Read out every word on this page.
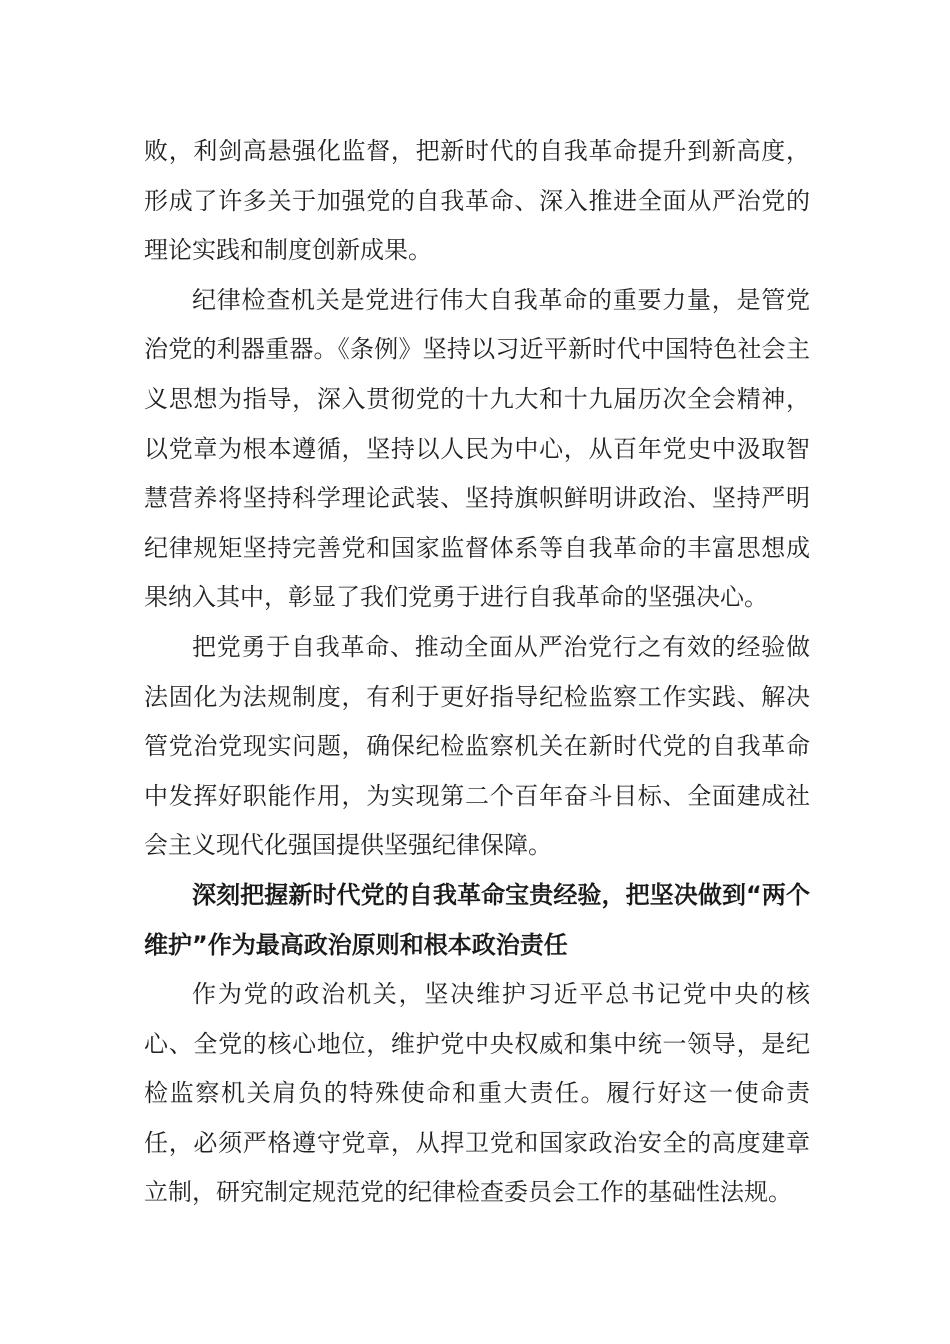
败，利剑高悬强化监督，把新时代的自我革命提升到新高度，形成了许多关于加强党的自我革命、深入推进全面从严治党的理论实践和制度创新成果。

纪律检查机关是党进行伟大自我革命的重要力量，是管党治党的利器重器。《条例》坚持以习近平新时代中国特色社会主义思想为指导，深入贯彻党的十九大和十九届历次全会精神，以党章为根本遵循，坚持以人民为中心，从百年党史中汲取智慧营养将坚持科学理论武装、坚持旗帜鲜明讲政治、坚持严明纪律规矩坚持完善党和国家监督体系等自我革命的丰富思想成果纳入其中，彰显了我们党勇于进行自我革命的坚强决心。

把党勇于自我革命、推动全面从严治党行之有效的经验做法固化为法规制度，有利于更好指导纪检监察工作实践、解决管党治党现实问题，确保纪检监察机关在新时代党的自我革命中发挥好职能作用，为实现第二个百年奋斗目标、全面建成社会主义现代化强国提供坚强纪律保障。

深刻把握新时代党的自我革命宝贵经验，把坚决做到“两个维护”作为最高政治原则和根本政治责任

作为党的政治机关，坚决维护习近平总书记党中央的核心、全党的核心地位，维护党中央权威和集中统一领导，是纪检监察机关肩负的特殊使命和重大责任。履行好这一使命责任，必须严格遵守党章，从捍卫党和国家政治安全的高度建章立制，研究制定规范党的纪律检查委员会工作的基础性法规。
